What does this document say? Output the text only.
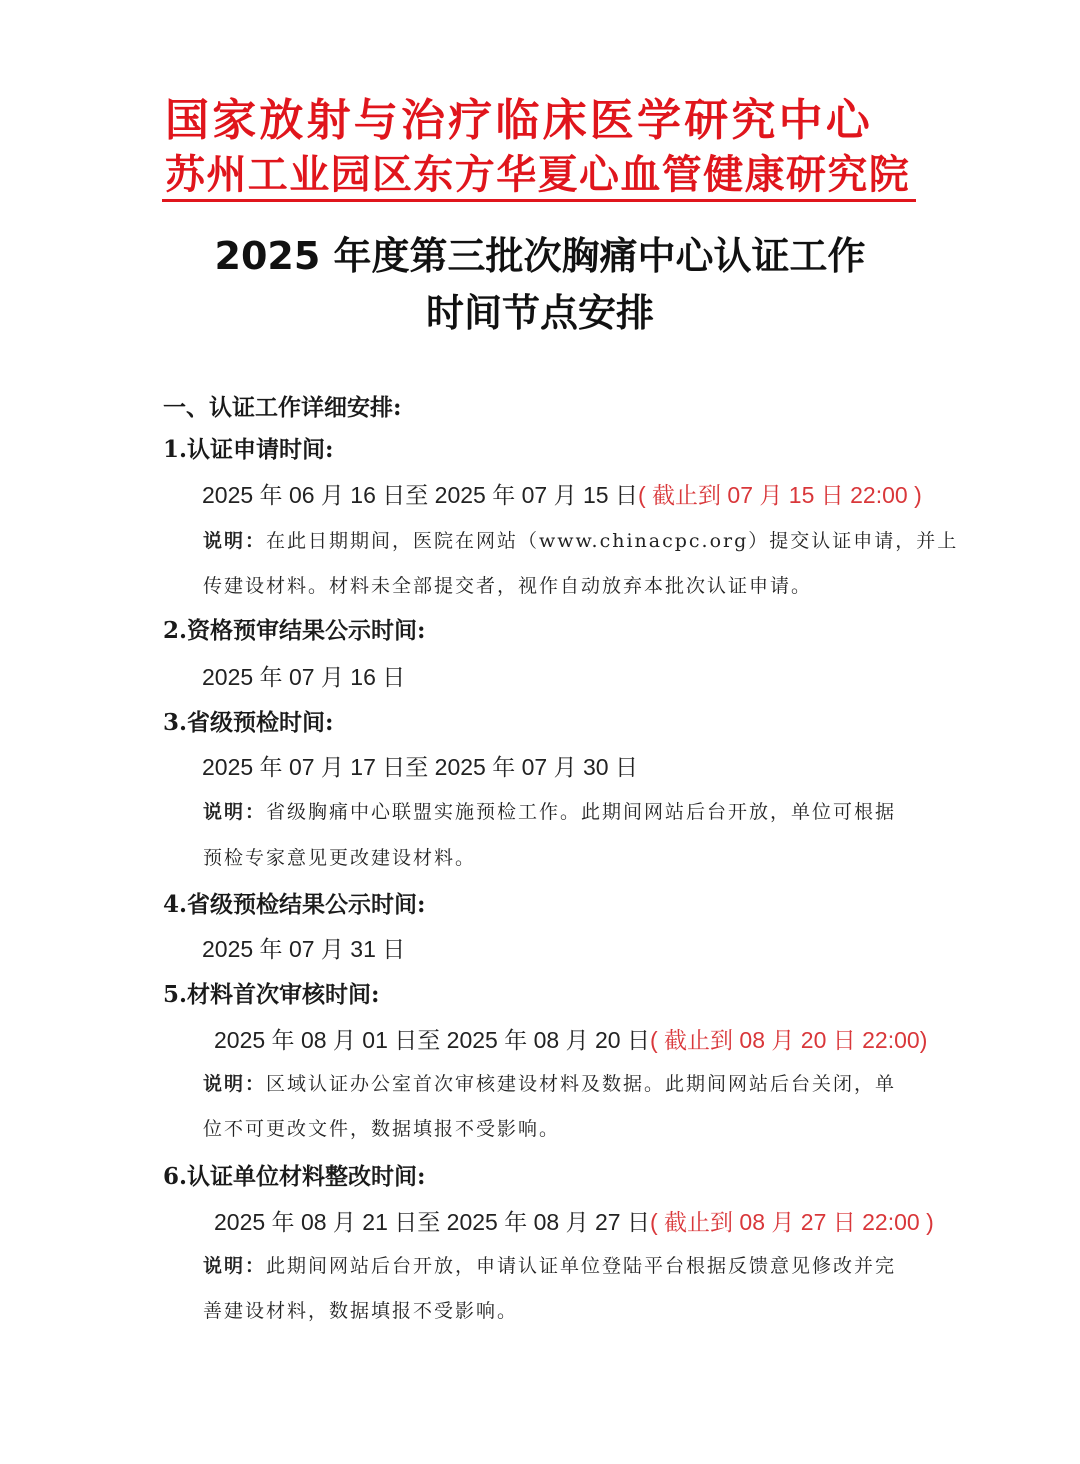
国家放射与治疗临床医学研究中心
苏州工业园区东方华夏心血管健康研究院
2025 年度第三批次胸痛中心认证工作
时间节点安排
一、认证工作详细安排:
1.认证申请时间:
2025 年 06 月 16 日至 2025 年 07 月 15 日( 截止到 07 月 15 日 22:00 )
说明：在此日期期间，医院在网站（www.chinacpc.org）提交认证申请，并上
传建设材料。材料未全部提交者，视作自动放弃本批次认证申请。
2.资格预审结果公示时间:
2025 年 07 月 16 日
3.省级预检时间:
2025 年 07 月 17 日至 2025 年 07 月 30 日
说明：省级胸痛中心联盟实施预检工作。此期间网站后台开放，单位可根据
预检专家意见更改建设材料。
4.省级预检结果公示时间:
2025 年 07 月 31 日
5.材料首次审核时间:
2025 年 08 月 01 日至 2025 年 08 月 20 日( 截止到 08 月 20 日 22:00)
说明：区域认证办公室首次审核建设材料及数据。此期间网站后台关闭，单
位不可更改文件，数据填报不受影响。
6.认证单位材料整改时间:
2025 年 08 月 21 日至 2025 年 08 月 27 日( 截止到 08 月 27 日 22:00 )
说明：此期间网站后台开放，申请认证单位登陆平台根据反馈意见修改并完
善建设材料，数据填报不受影响。
